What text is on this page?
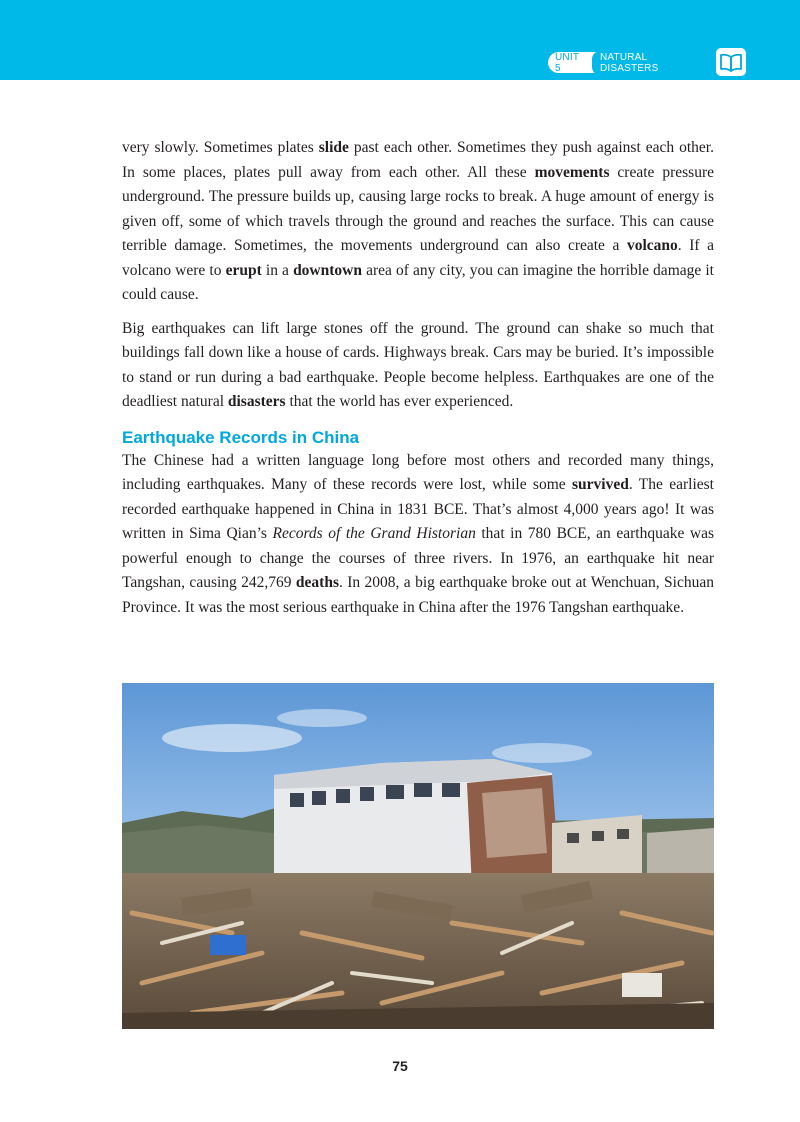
UNIT 5
NATURAL DISASTERS

very slowly. Sometimes plates slide past each other. Sometimes they push against each other. In some places, plates pull away from each other. All these movements create pressure underground. The pressure builds up, causing large rocks to break. A huge amount of energy is given off, some of which travels through the ground and reaches the surface. This can cause terrible damage. Sometimes, the movements underground can also create a volcano. If a volcano were to erupt in a downtown area of any city, you can imagine the horrible damage it could cause.

Big earthquakes can lift large stones off the ground. The ground can shake so much that buildings fall down like a house of cards. Highways break. Cars may be buried. It’s impossible to stand or run during a bad earthquake. People become helpless. Earthquakes are one of the deadliest natural disasters that the world has ever experienced.

Earthquake Records in China

The Chinese had a written language long before most others and recorded many things, including earthquakes. Many of these records were lost, while some survived. The earliest recorded earthquake happened in China in 1831 BCE. That’s almost 4,000 years ago! It was written in Sima Qian’s Records of the Grand Historian that in 780 BCE, an earthquake was powerful enough to change the courses of three rivers. In 1976, an earthquake hit near Tangshan, causing 242,769 deaths. In 2008, a big earthquake broke out at Wenchuan, Sichuan Province. It was the most serious earthquake in China after the 1976 Tangshan earthquake.

75
